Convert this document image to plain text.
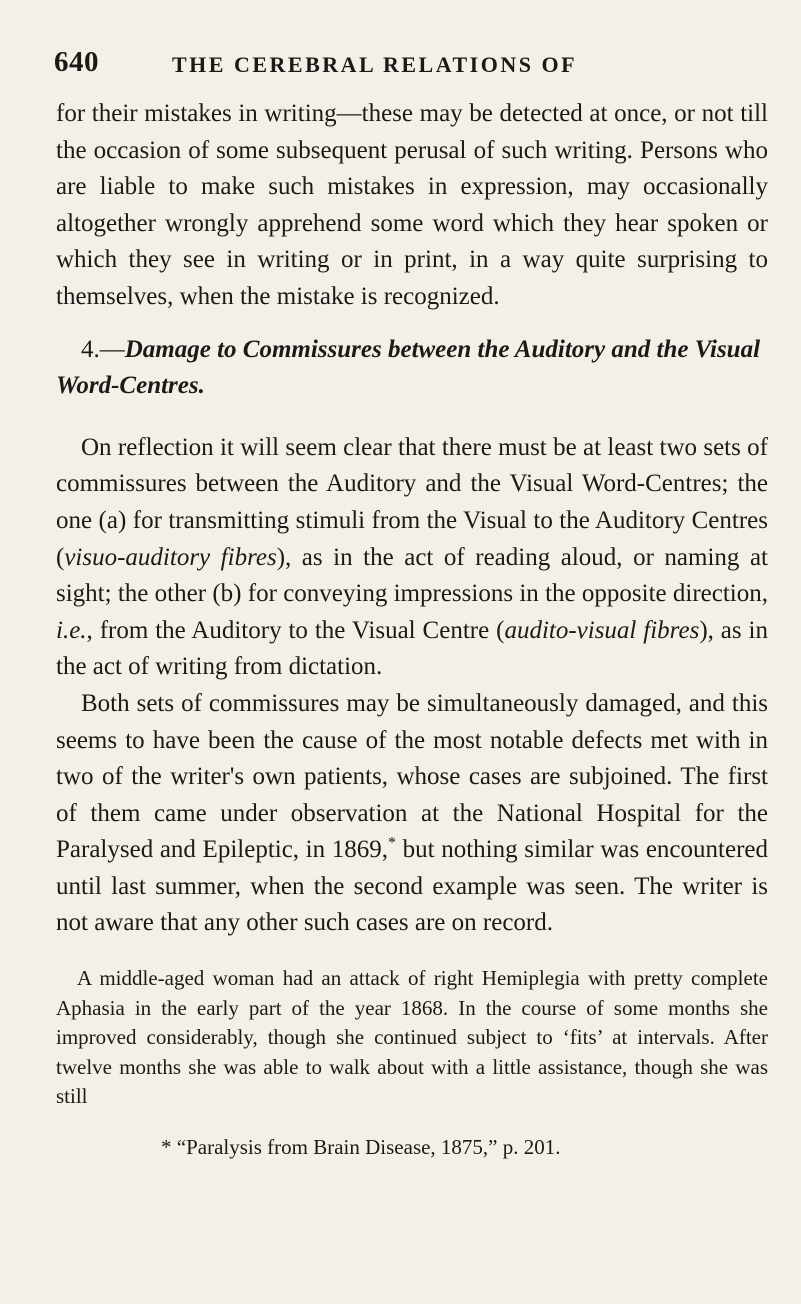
640	THE CEREBRAL RELATIONS OF

for their mistakes in writing—these may be detected at once, or not till the occasion of some subsequent perusal of such writing. Persons who are liable to make such mistakes in expression, may occasionally altogether wrongly apprehend some word which they hear spoken or which they see in writing or in print, in a way quite surprising to themselves, when the mistake is recognized.

4.—Damage to Commissures between the Auditory and the Visual Word-Centres.

On reflection it will seem clear that there must be at least two sets of commissures between the Auditory and the Visual Word-Centres; the one (a) for transmitting stimuli from the Visual to the Auditory Centres (visuo-auditory fibres), as in the act of reading aloud, or naming at sight; the other (b) for conveying impressions in the opposite direction, i.e., from the Auditory to the Visual Centre (audito-visual fibres), as in the act of writing from dictation.

Both sets of commissures may be simultaneously damaged, and this seems to have been the cause of the most notable defects met with in two of the writer's own patients, whose cases are subjoined. The first of them came under observation at the National Hospital for the Paralysed and Epileptic, in 1869,* but nothing similar was encountered until last summer, when the second example was seen. The writer is not aware that any other such cases are on record.

A middle-aged woman had an attack of right Hemiplegia with pretty complete Aphasia in the early part of the year 1868. In the course of some months she improved considerably, though she continued subject to ‘fits’ at intervals. After twelve months she was able to walk about with a little assistance, though she was still

* “Paralysis from Brain Disease, 1875,” p. 201.
